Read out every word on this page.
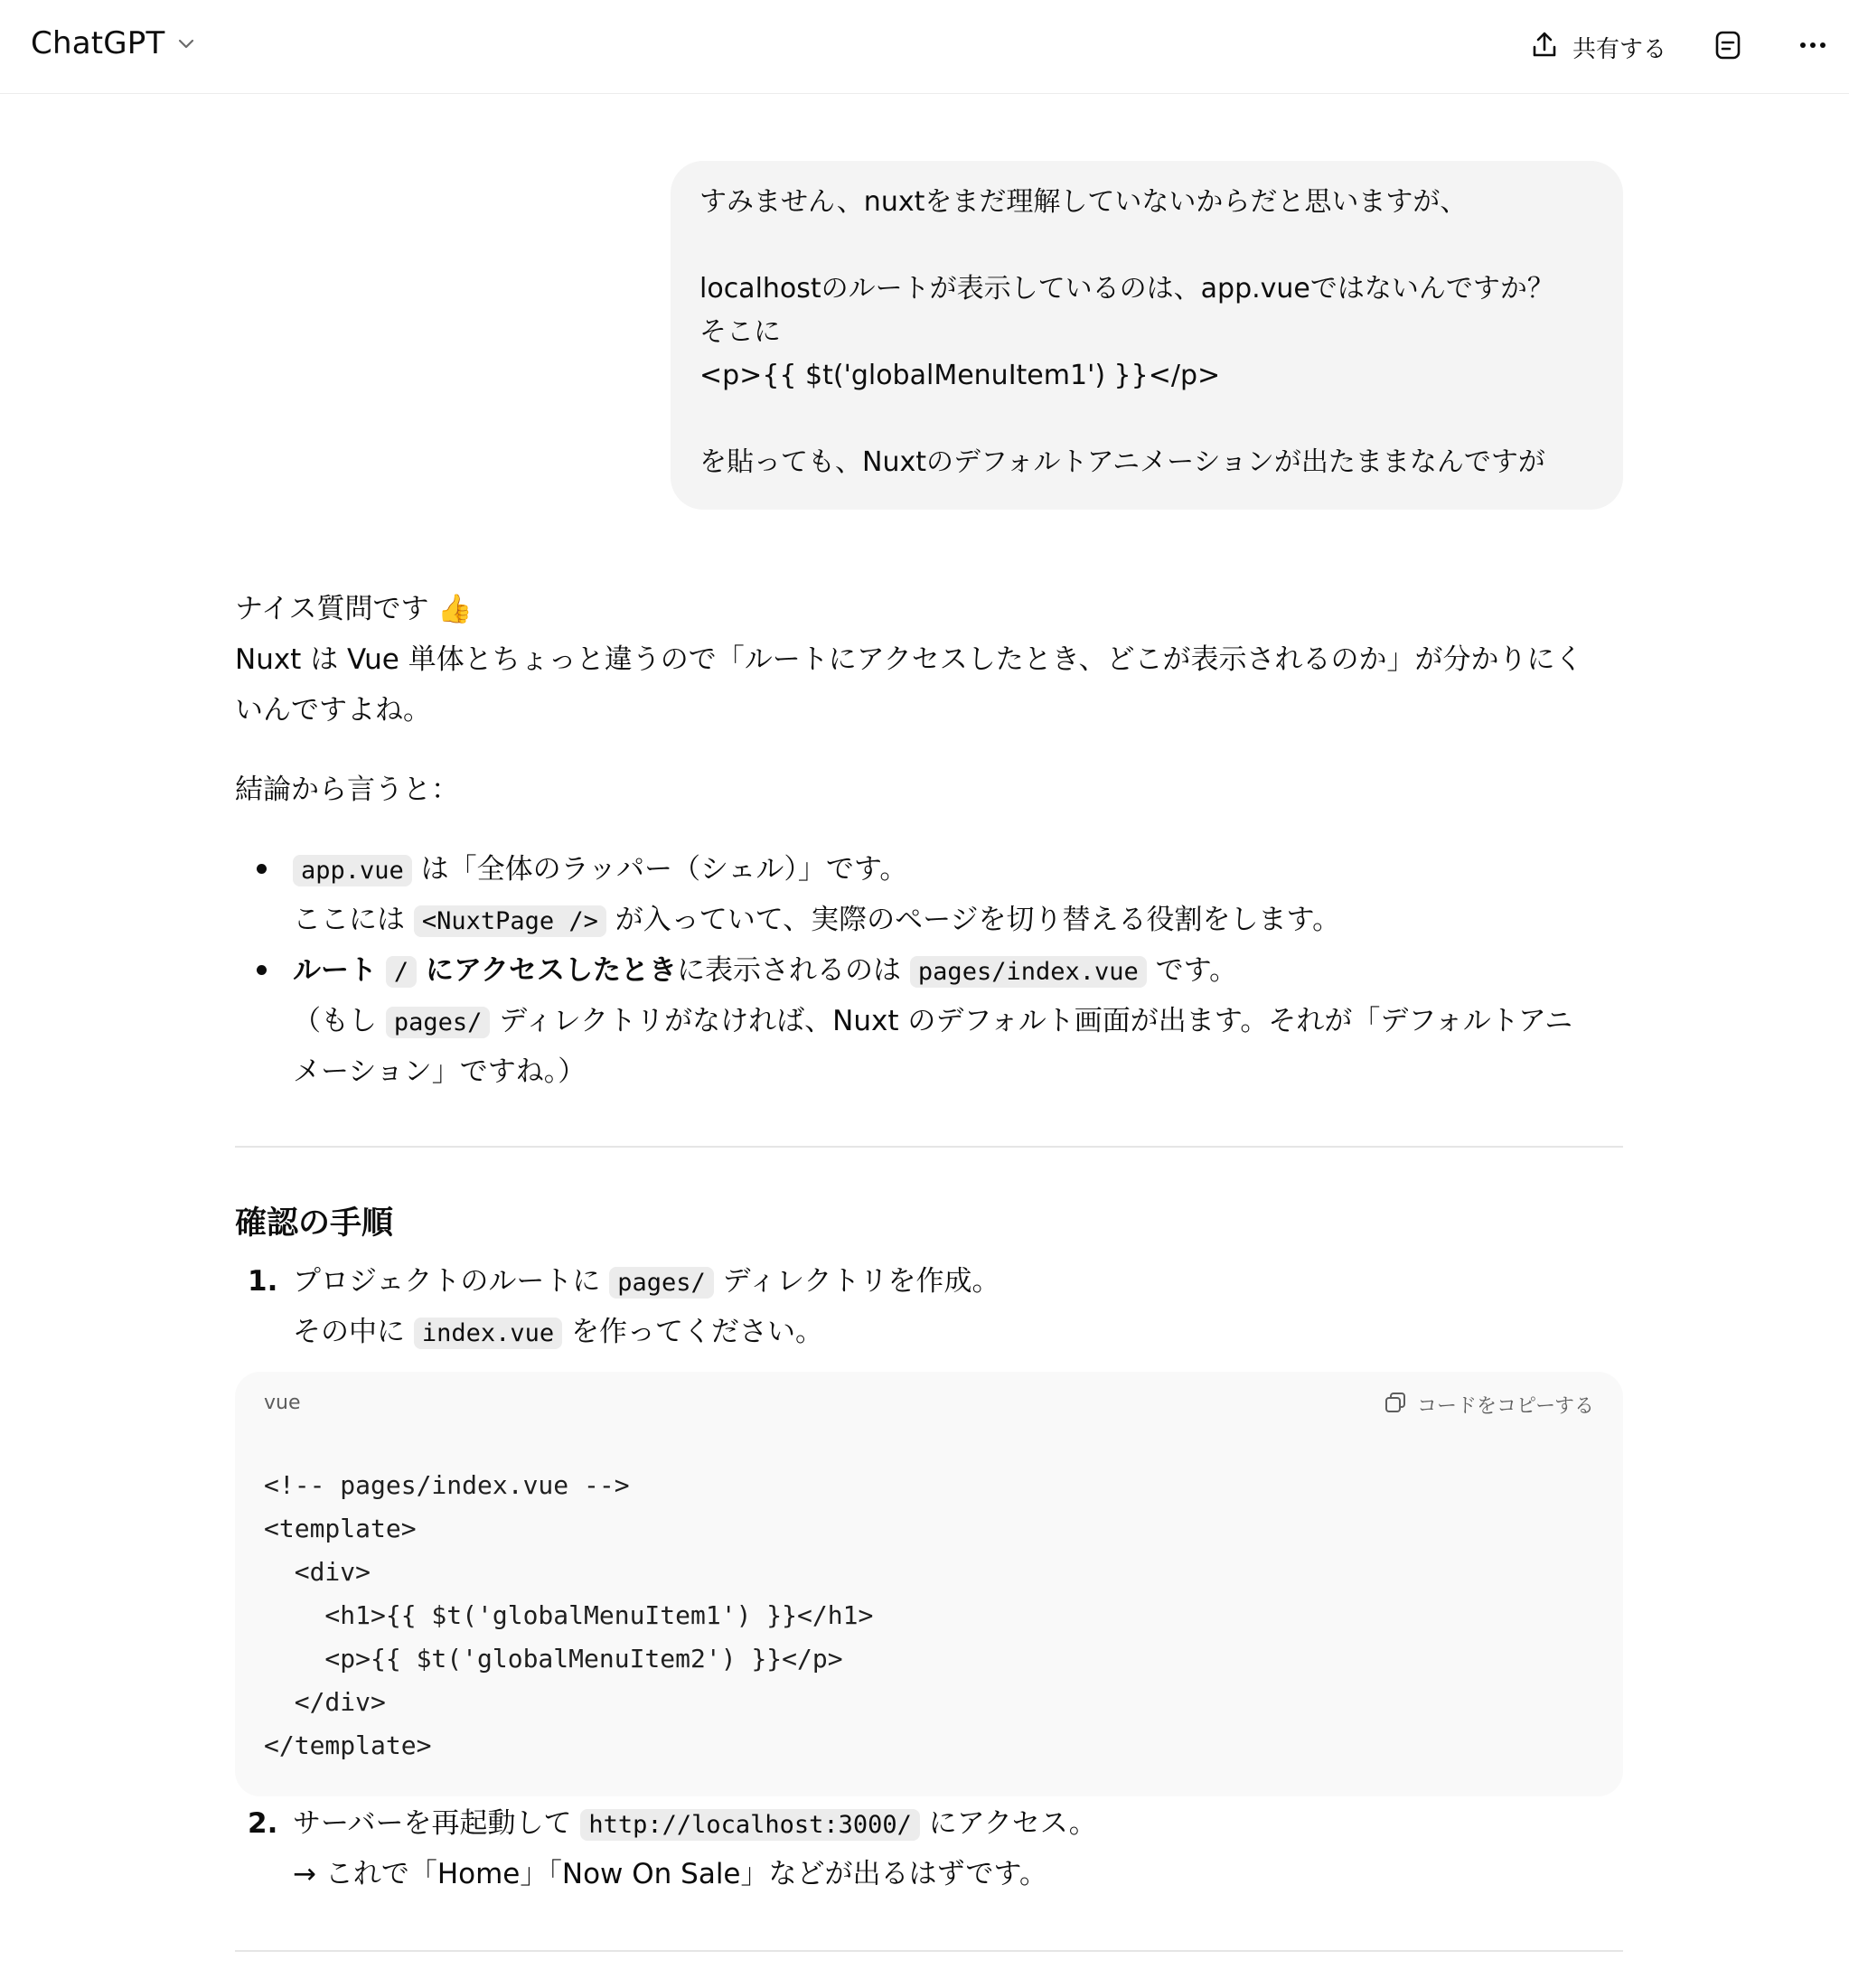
ChatGPT	共有する
すみません、nuxtをまだ理解していないからだと思いますが、
localhostのルートが表示しているのは、app.vueではないんですか？
そこに
<p>{{ $t('globalMenuItem1') }}</p>
を貼っても、Nuxtのデフォルトアニメーションが出たままなんですが
ナイス質問です 👍
Nuxt は Vue 単体とちょっと違うので「ルートにアクセスしたとき、どこが表示されるのか」が分かりにく
いんですよね。
結論から言うと：
app.vue は「全体のラッパー（シェル）」です。
ここには <NuxtPage /> が入っていて、実際のページを切り替える役割をします。
ルート / にアクセスしたときに表示されるのは pages/index.vue です。
（もし pages/ ディレクトリがなければ、Nuxt のデフォルト画面が出ます。それが「デフォルトアニ
メーション」ですね。）
確認の手順
1. プロジェクトのルートに pages/ ディレクトリを作成。
その中に index.vue を作ってください。
vue	コードをコピーする
<!-- pages/index.vue -->
<template>
<div>
<h1>{{ $t('globalMenuItem1') }}</h1>
<p>{{ $t('globalMenuItem2') }}</p>
</div>
</template>
2. サーバーを再起動して http://localhost:3000/ にアクセス。
→ これで「Home」「Now On Sale」などが出るはずです。
